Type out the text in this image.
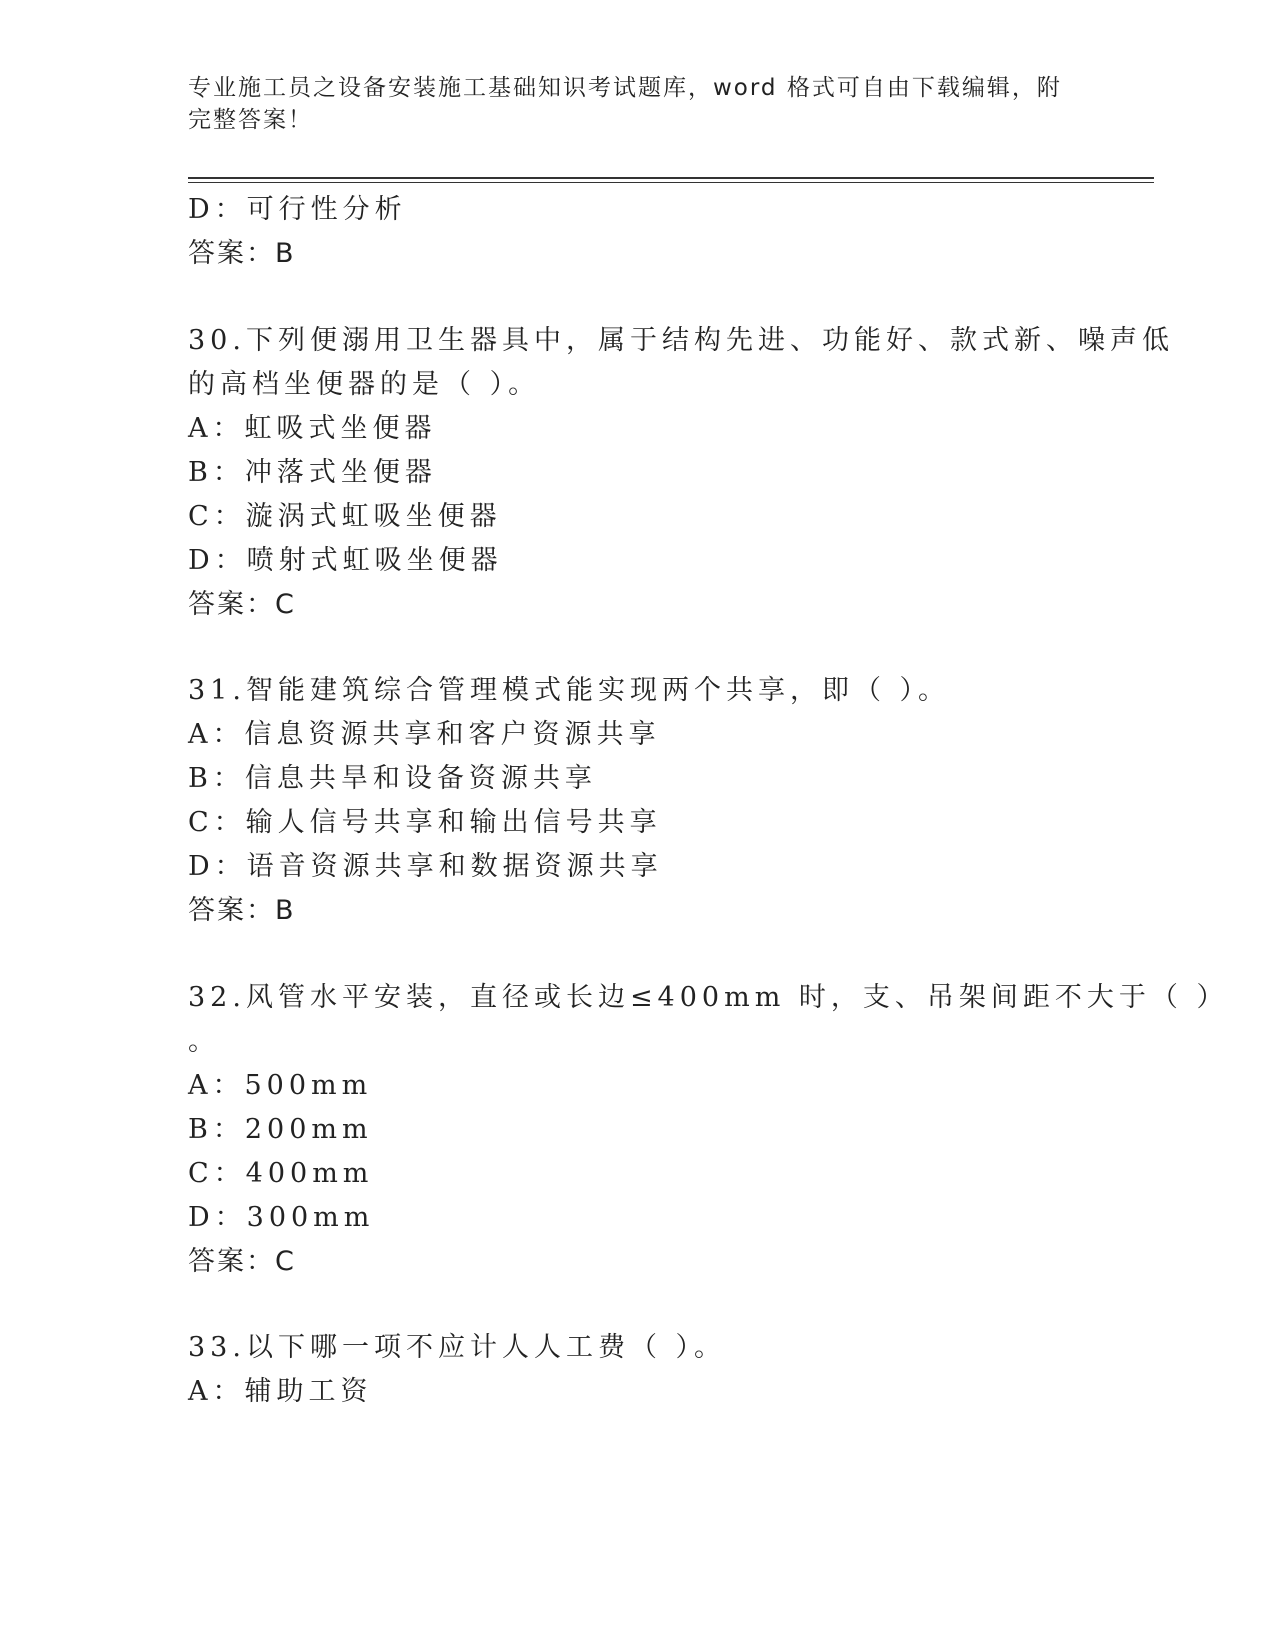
专业施工员之设备安装施工基础知识考试题库，word 格式可自由下载编辑，附完整答案！
D：可行性分析
答案：B
30.下列便溺用卫生器具中，属于结构先进、功能好、款式新、噪声低
的高档坐便器的是（ ）。
A：虹吸式坐便器
B：冲落式坐便器
C：漩涡式虹吸坐便器
D：喷射式虹吸坐便器
答案：C
31.智能建筑综合管理模式能实现两个共享，即（ ）。
A：信息资源共享和客户资源共享
B：信息共旱和设备资源共享
C：输人信号共享和输出信号共享
D：语音资源共享和数据资源共享
答案：B
32.风管水平安装，直径或长边≤400mm 时，支、吊架间距不大于（ ）
。
A：500mm
B：200mm
C：400mm
D：300mm
答案：C
33.以下哪一项不应计人人工费（ ）。
A：辅助工资
